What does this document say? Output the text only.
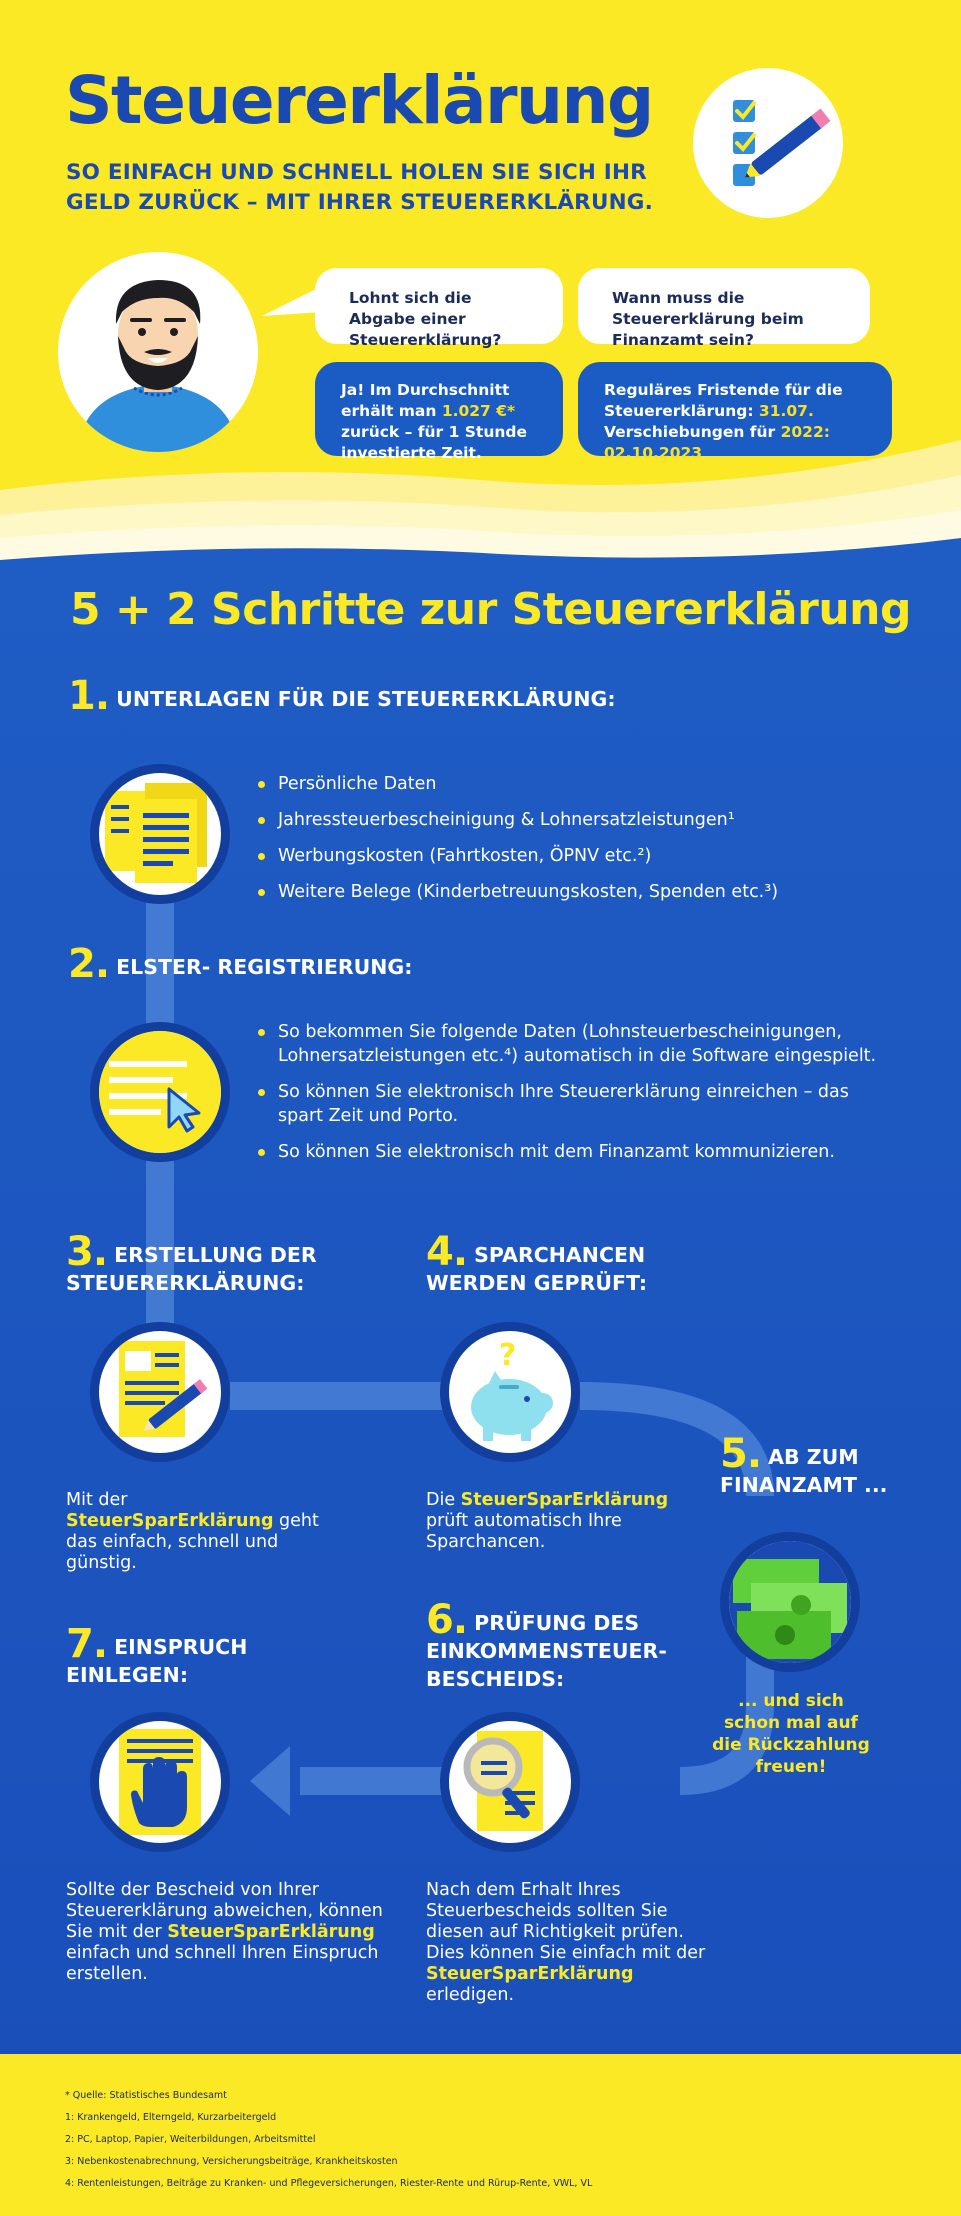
Steuererklärung

SO EINFACH UND SCHNELL HOLEN SIE SICH IHR GELD ZURÜCK – MIT IHRER STEUERERKLÄRUNG.

Lohnt sich die Abgabe einer Steuererklärung?
Wann muss die Steuererklärung beim Finanzamt sein?
Ja! Im Durchschnitt erhält man 1.027 €* zurück – für 1 Stunde investierte Zeit.
Reguläres Fristende für die Steuererklärung: 31.07. Verschiebungen für 2022: 02.10.2023
5 + 2 Schritte zur Steuererklärung
1. UNTERLAGEN FÜR DIE STEUERERKLÄRUNG:
Persönliche Daten
Jahressteuerbescheinigung & Lohnersatzleistungen¹
Werbungskosten (Fahrtkosten, ÖPNV etc.²)
Weitere Belege (Kinderbetreuungskosten, Spenden etc.³)
2. ELSTER- REGISTRIERUNG:
So bekommen Sie folgende Daten (Lohnsteuerbescheinigungen, Lohnersatzleistungen etc.⁴) automatisch in die Software eingespielt.
So können Sie elektronisch Ihre Steuererklärung einreichen – das spart Zeit und Porto.
So können Sie elektronisch mit dem Finanzamt kommunizieren.
3. ERSTELLUNG DER
STEUERERKLÄRUNG:
Mit der SteuerSparErklärung geht das einfach, schnell und günstig.
4. SPARCHANCEN
WERDEN GEPRÜFT:
?
Die SteuerSparErklärung prüft automatisch Ihre Sparchancen.
5. AB ZUM
FINANZAMT ...
... und sich schon mal auf die Rückzahlung freuen!
6. PRÜFUNG DES
EINKOMMENSTEUER-
BESCHEIDS:
Nach dem Erhalt Ihres Steuerbescheids sollten Sie diesen auf Richtigkeit prüfen. Dies können Sie einfach mit der SteuerSparErklärung erledigen.
7. EINSPRUCH
EINLEGEN:
Sollte der Bescheid von Ihrer Steuererklärung abweichen, können Sie mit der SteuerSparErklärung einfach und schnell Ihren Einspruch erstellen.
* Quelle: Statistisches Bundesamt
1: Krankengeld, Elterngeld, Kurzarbeitergeld
2: PC, Laptop, Papier, Weiterbildungen, Arbeitsmittel
3: Nebenkostenabrechnung, Versicherungsbeiträge, Krankheitskosten
4: Rentenleistungen, Beiträge zu Kranken- und Pflegeversicherungen, Riester-Rente und Rürup-Rente, VWL, VL
